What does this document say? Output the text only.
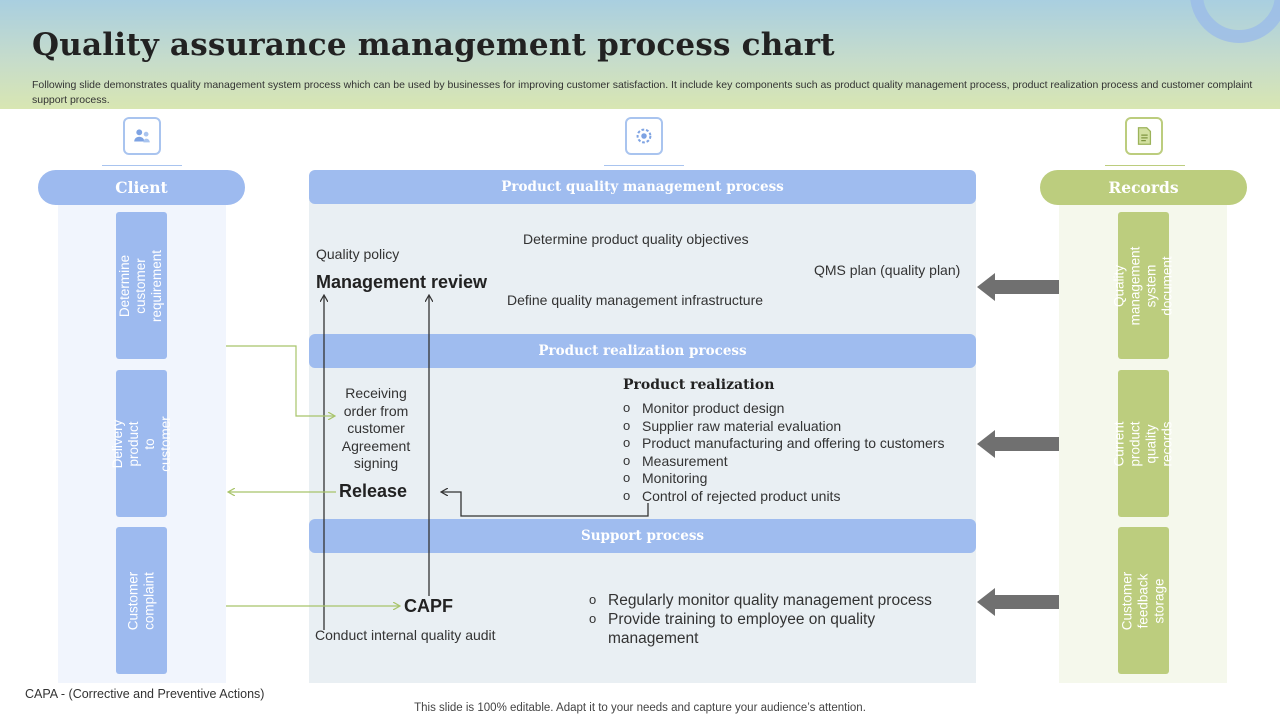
Quality assurance management process chart
Following slide demonstrates quality management system process which can be used by businesses for improving customer satisfaction. It include key components such as product quality management process, product realization process and customer complaint support process.
Client	Records
Determine customer requirement
Delivery product to customer
Customer complaint
Quality management system document
Current product quality records
Customer feedback storage
Product quality management process
Product realization process
Support process
Quality policy
Management review
Determine product quality objectives
QMS plan (quality plan)
Define quality management infrastructure
Receiving order from customer Agreement signing
Release
Product realization
o Monitor product design
o Supplier raw material evaluation
o Product manufacturing and offering to customers
o Measurement
o Monitoring
o Control of rejected product units
CAPF
Conduct internal quality audit
o Regularly monitor quality management process
o Provide training to employee on quality management
CAPA - (Corrective and Preventive Actions)
This slide is 100% editable. Adapt it to your needs and capture your audience’s attention.
